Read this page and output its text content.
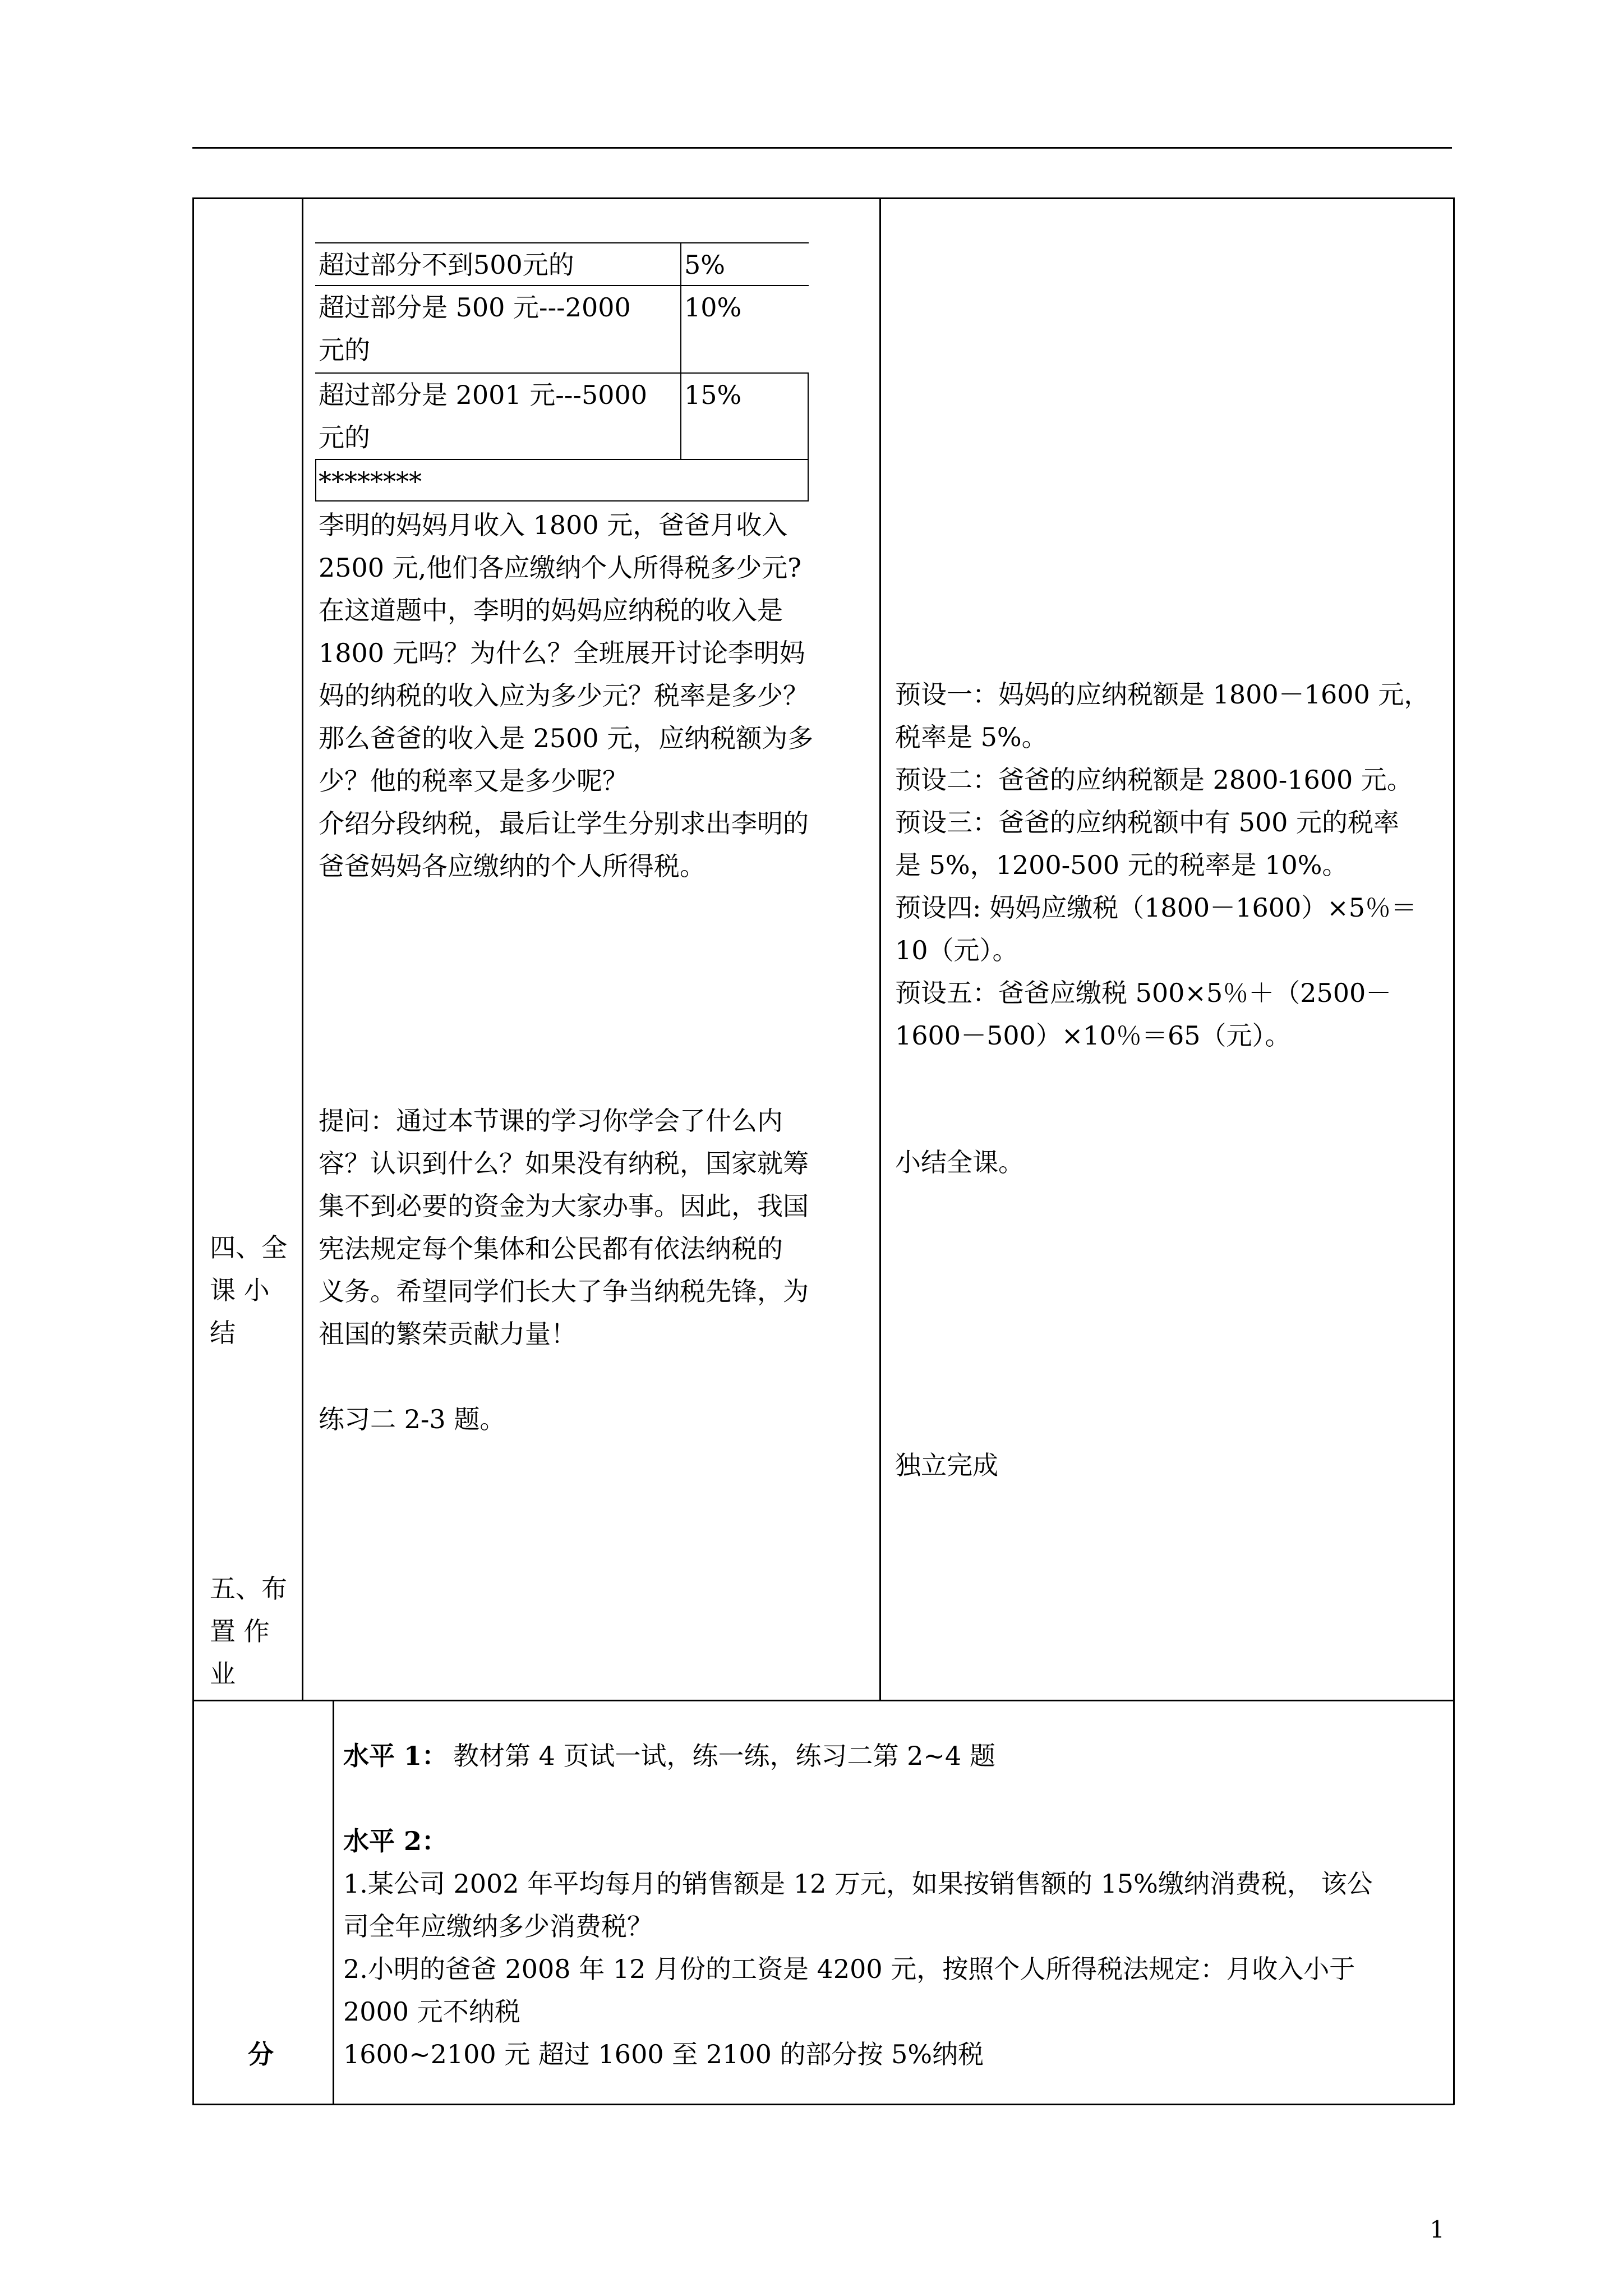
超过部分不到500元的	5%
超过部分是 500 元---2000
元的
10%
超过部分是 2001 元---5000
元的
15%
********
李明的妈妈月收入 1800 元，爸爸月收入
2500 元,他们各应缴纳个人所得税多少元?
在这道题中，李明的妈妈应纳税的收入是
1800 元吗？为什么？全班展开讨论李明妈
妈的纳税的收入应为多少元？税率是多少？
那么爸爸的收入是 2500 元，应纳税额为多
少？他的税率又是多少呢？
介绍分段纳税，最后让学生分别求出李明的
爸爸妈妈各应缴纳的个人所得税。
预设一：妈妈的应纳税额是 1800－1600 元，
税率是 5%。
预设二：爸爸的应纳税额是 2800-1600 元。
预设三：爸爸的应纳税额中有 500 元的税率
是 5%，1200-500 元的税率是 10%。
预设四: 妈妈应缴税（1800－1600）×5％＝
10（元）。
预设五：爸爸应缴税 500×5％＋（2500－
1600－500）×10％＝65（元）。
提问：通过本节课的学习你学会了什么内
容？认识到什么？如果没有纳税，国家就筹
集不到必要的资金为大家办事。因此，我国
宪法规定每个集体和公民都有依法纳税的
义务。希望同学们长大了争当纳税先锋，为
祖国的繁荣贡献力量！
小结全课。
四、全
课 小
结
五、布
置 作
业
练习二 2-3 题。
独立完成
水平 1： 教材第 4 页试一试，练一练，练习二第 2~4 题
水平 2：
1.某公司 2002 年平均每月的销售额是 12 万元，如果按销售额的 15%缴纳消费税， 该公
司全年应缴纳多少消费税？
2.小明的爸爸 2008 年 12 月份的工资是 4200 元，按照个人所得税法规定：月收入小于
2000 元不纳税
1600~2100 元 超过 1600 至 2100 的部分按 5%纳税
分
1
